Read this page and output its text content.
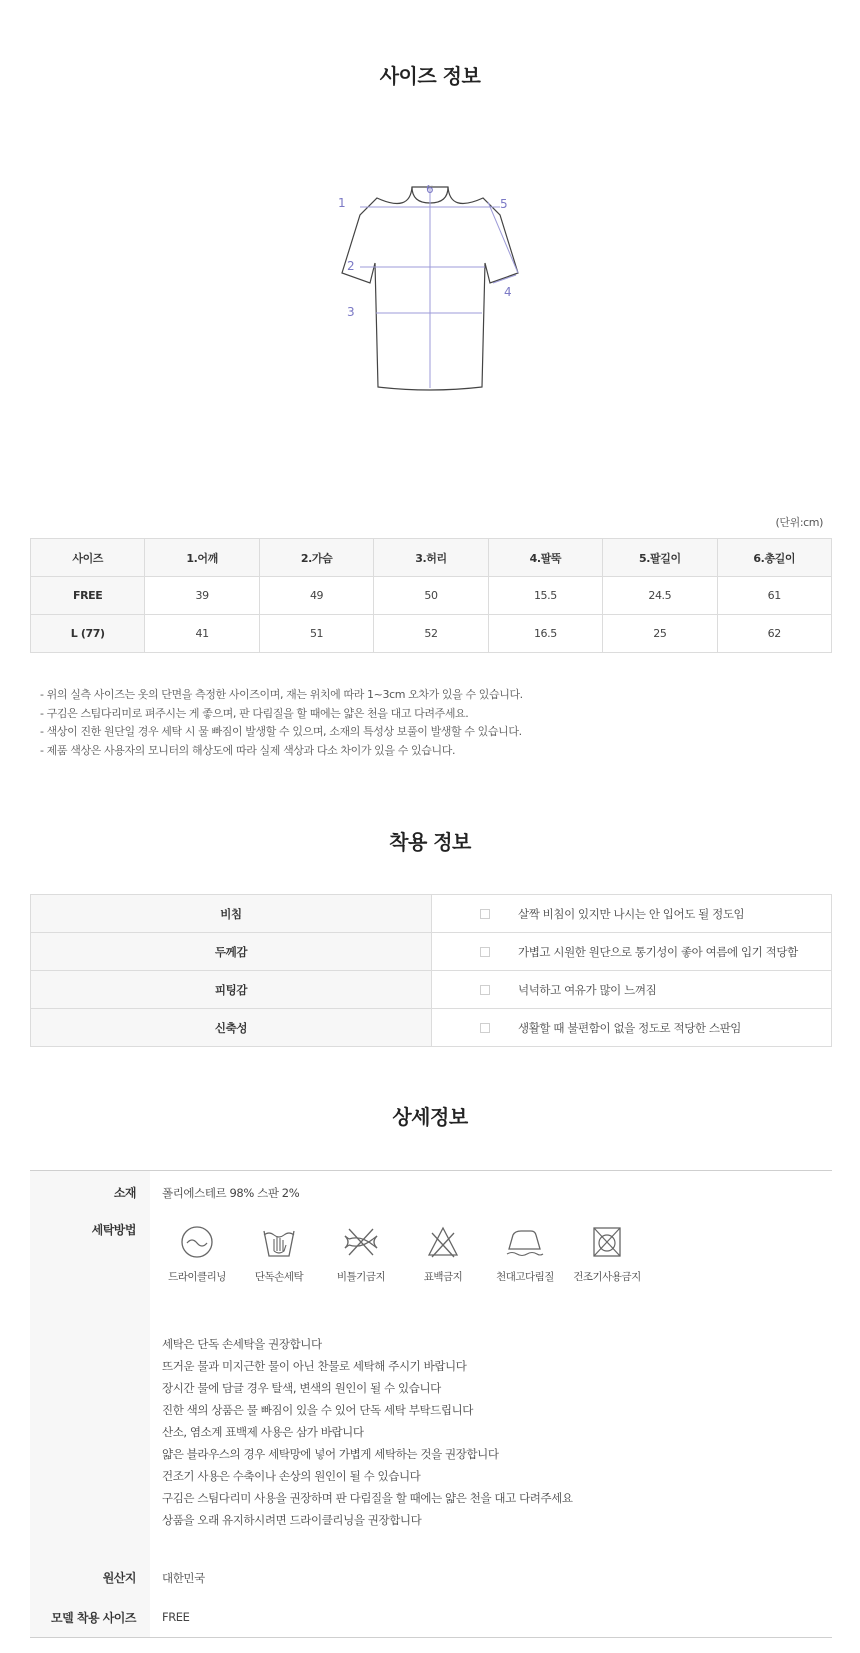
사이즈 정보
1
2
3
4
5
6
(단위:cm)
사이즈	1.어깨	2.가슴	3.허리	4.팔뚝	5.팔길이	6.총길이
FREE	39	49	50	15.5	24.5	61
L (77)	41	51	52	16.5	25	62
- 위의 실측 사이즈는 옷의 단면을 측정한 사이즈이며, 재는 위치에 따라 1~3cm 오차가 있을 수 있습니다.
- 구김은 스팀다리미로 펴주시는 게 좋으며, 판 다림질을 할 때에는 얇은 천을 대고 다려주세요.
- 색상이 진한 원단일 경우 세탁 시 물 빠짐이 발생할 수 있으며, 소재의 특성상 보풀이 발생할 수 있습니다.
- 제품 색상은 사용자의 모니터의 해상도에 따라 실제 색상과 다소 차이가 있을 수 있습니다.
착용 정보
비침	살짝 비침이 있지만 나시는 안 입어도 될 정도임
두께감	가볍고 시원한 원단으로 통기성이 좋아 여름에 입기 적당함
피팅감	넉넉하고 여유가 많이 느껴짐
신축성	생활할 때 불편함이 없을 정도로 적당한 스판임
상세정보
소재	폴리에스테르 98% 스판 2%
세탁방법
드라이클리닝	단독손세탁	비틀기금지	표백금지	천대고다림질	건조기사용금지
세탁은 단독 손세탁을 권장합니다
뜨거운 물과 미지근한 물이 아닌 찬물로 세탁해 주시기 바랍니다
장시간 물에 담글 경우 탈색, 변색의 원인이 될 수 있습니다
진한 색의 상품은 물 빠짐이 있을 수 있어 단독 세탁 부탁드립니다
산소, 염소계 표백제 사용은 삼가 바랍니다
얇은 블라우스의 경우 세탁망에 넣어 가볍게 세탁하는 것을 권장합니다
건조기 사용은 수축이나 손상의 원인이 될 수 있습니다
구김은 스팀다리미 사용을 권장하며 판 다림질을 할 때에는 얇은 천을 대고 다려주세요
상품을 오래 유지하시려면 드라이클리닝을 권장합니다
원산지	대한민국
모델 착용 사이즈	FREE
